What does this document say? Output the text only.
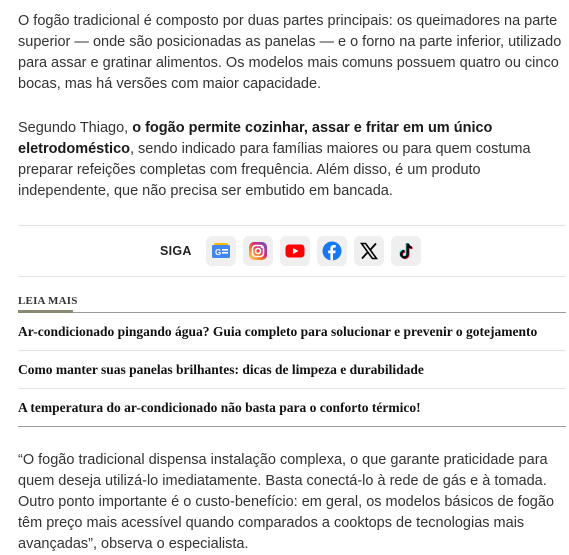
O fogão tradicional é composto por duas partes principais: os queimadores na parte superior — onde são posicionadas as panelas — e o forno na parte inferior, utilizado para assar e gratinar alimentos. Os modelos mais comuns possuem quatro ou cinco bocas, mas há versões com maior capacidade.

Segundo Thiago, o fogão permite cozinhar, assar e fritar em um único eletrodoméstico, sendo indicado para famílias maiores ou para quem costuma preparar refeições completas com frequência. Além disso, é um produto independente, que não precisa ser embutido em bancada.

SIGA	G
LEIA MAIS
Ar-condicionado pingando água? Guia completo para solucionar e prevenir o gotejamento
Como manter suas panelas brilhantes: dicas de limpeza e durabilidade
A temperatura do ar-condicionado não basta para o conforto térmico!

“O fogão tradicional dispensa instalação complexa, o que garante praticidade para quem deseja utilizá-lo imediatamente. Basta conectá-lo à rede de gás e à tomada. Outro ponto importante é o custo-benefício: em geral, os modelos básicos de fogão têm preço mais acessível quando comparados a cooktops de tecnologias mais avançadas”, observa o especialista.
